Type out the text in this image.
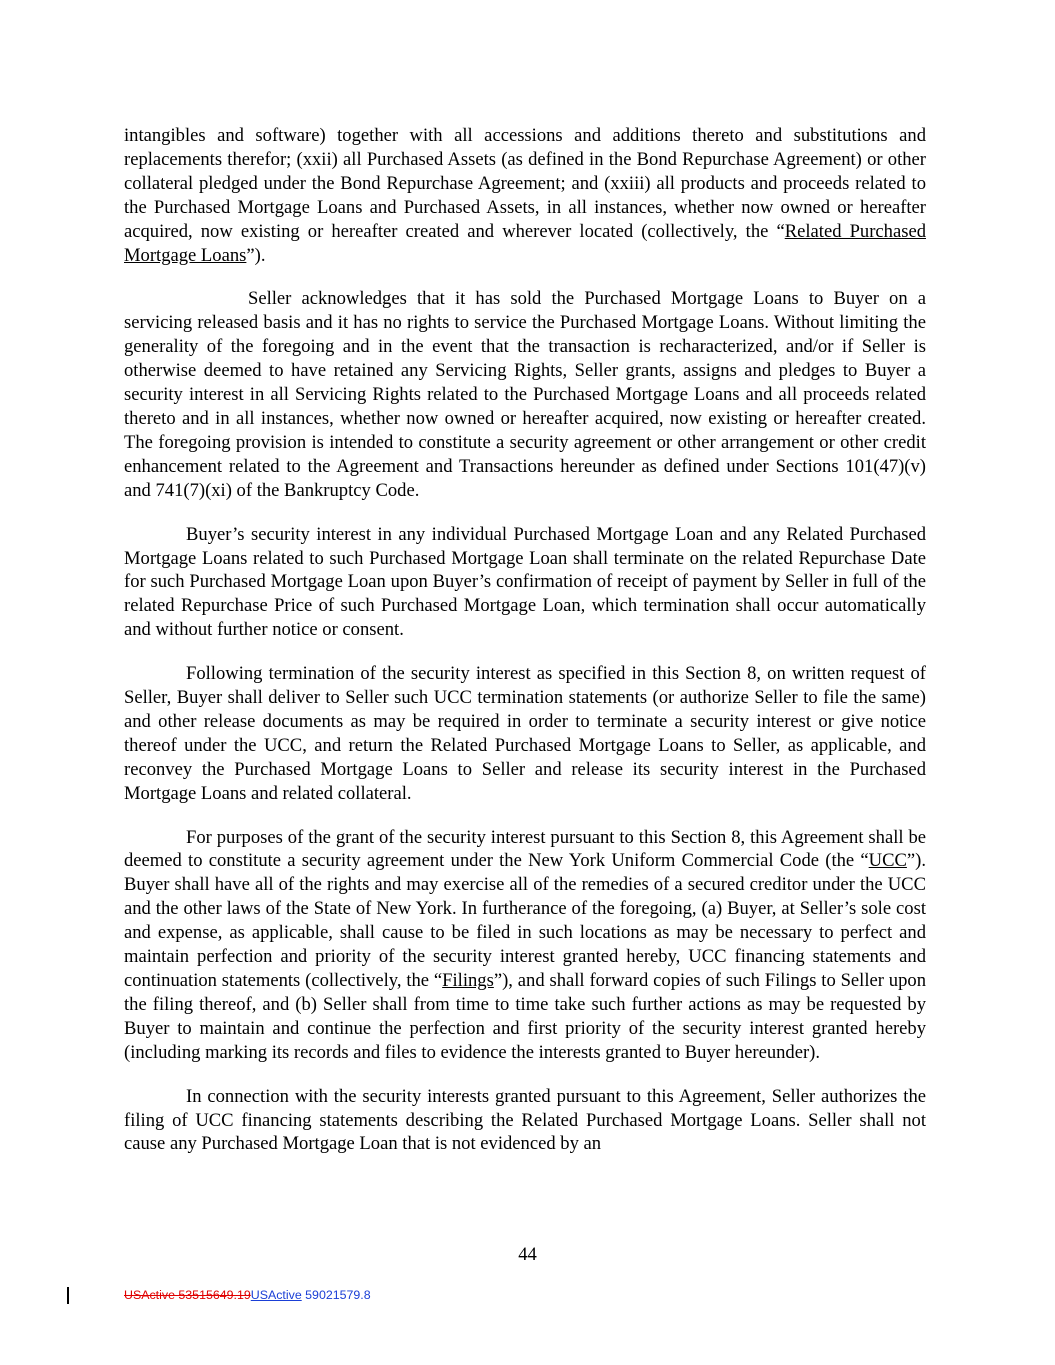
intangibles and software) together with all accessions and additions thereto and substitutions and replacements therefor; (xxii) all Purchased Assets (as defined in the Bond Repurchase Agreement) or other collateral pledged under the Bond Repurchase Agreement; and (xxiii) all products and proceeds related to the Purchased Mortgage Loans and Purchased Assets, in all instances, whether now owned or hereafter acquired, now existing or hereafter created and wherever located (collectively, the “Related Purchased Mortgage Loans”).

Seller acknowledges that it has sold the Purchased Mortgage Loans to Buyer on a servicing released basis and it has no rights to service the Purchased Mortgage Loans. Without limiting the generality of the foregoing and in the event that the transaction is recharacterized, and/or if Seller is otherwise deemed to have retained any Servicing Rights, Seller grants, assigns and pledges to Buyer a security interest in all Servicing Rights related to the Purchased Mortgage Loans and all proceeds related thereto and in all instances, whether now owned or hereafter acquired, now existing or hereafter created. The foregoing provision is intended to constitute a security agreement or other arrangement or other credit enhancement related to the Agreement and Transactions hereunder as defined under Sections 101(47)(v) and 741(7)(xi) of the Bankruptcy Code.

Buyer’s security interest in any individual Purchased Mortgage Loan and any Related Purchased Mortgage Loans related to such Purchased Mortgage Loan shall terminate on the related Repurchase Date for such Purchased Mortgage Loan upon Buyer’s confirmation of receipt of payment by Seller in full of the related Repurchase Price of such Purchased Mortgage Loan, which termination shall occur automatically and without further notice or consent.

Following termination of the security interest as specified in this Section 8, on written request of Seller, Buyer shall deliver to Seller such UCC termination statements (or authorize Seller to file the same) and other release documents as may be required in order to terminate a security interest or give notice thereof under the UCC, and return the Related Purchased Mortgage Loans to Seller, as applicable, and reconvey the Purchased Mortgage Loans to Seller and release its security interest in the Purchased Mortgage Loans and related collateral.

For purposes of the grant of the security interest pursuant to this Section 8, this Agreement shall be deemed to constitute a security agreement under the New York Uniform Commercial Code (the “UCC”). Buyer shall have all of the rights and may exercise all of the remedies of a secured creditor under the UCC and the other laws of the State of New York. In furtherance of the foregoing, (a) Buyer, at Seller’s sole cost and expense, as applicable, shall cause to be filed in such locations as may be necessary to perfect and maintain perfection and priority of the security interest granted hereby, UCC financing statements and continuation statements (collectively, the “Filings”), and shall forward copies of such Filings to Seller upon the filing thereof, and (b) Seller shall from time to time take such further actions as may be requested by Buyer to maintain and continue the perfection and first priority of the security interest granted hereby (including marking its records and files to evidence the interests granted to Buyer hereunder).

In connection with the security interests granted pursuant to this Agreement, Seller authorizes the filing of UCC financing statements describing the Related Purchased Mortgage Loans. Seller shall not cause any Purchased Mortgage Loan that is not evidenced by an

44
USActive 53515649.19USActive 59021579.8
